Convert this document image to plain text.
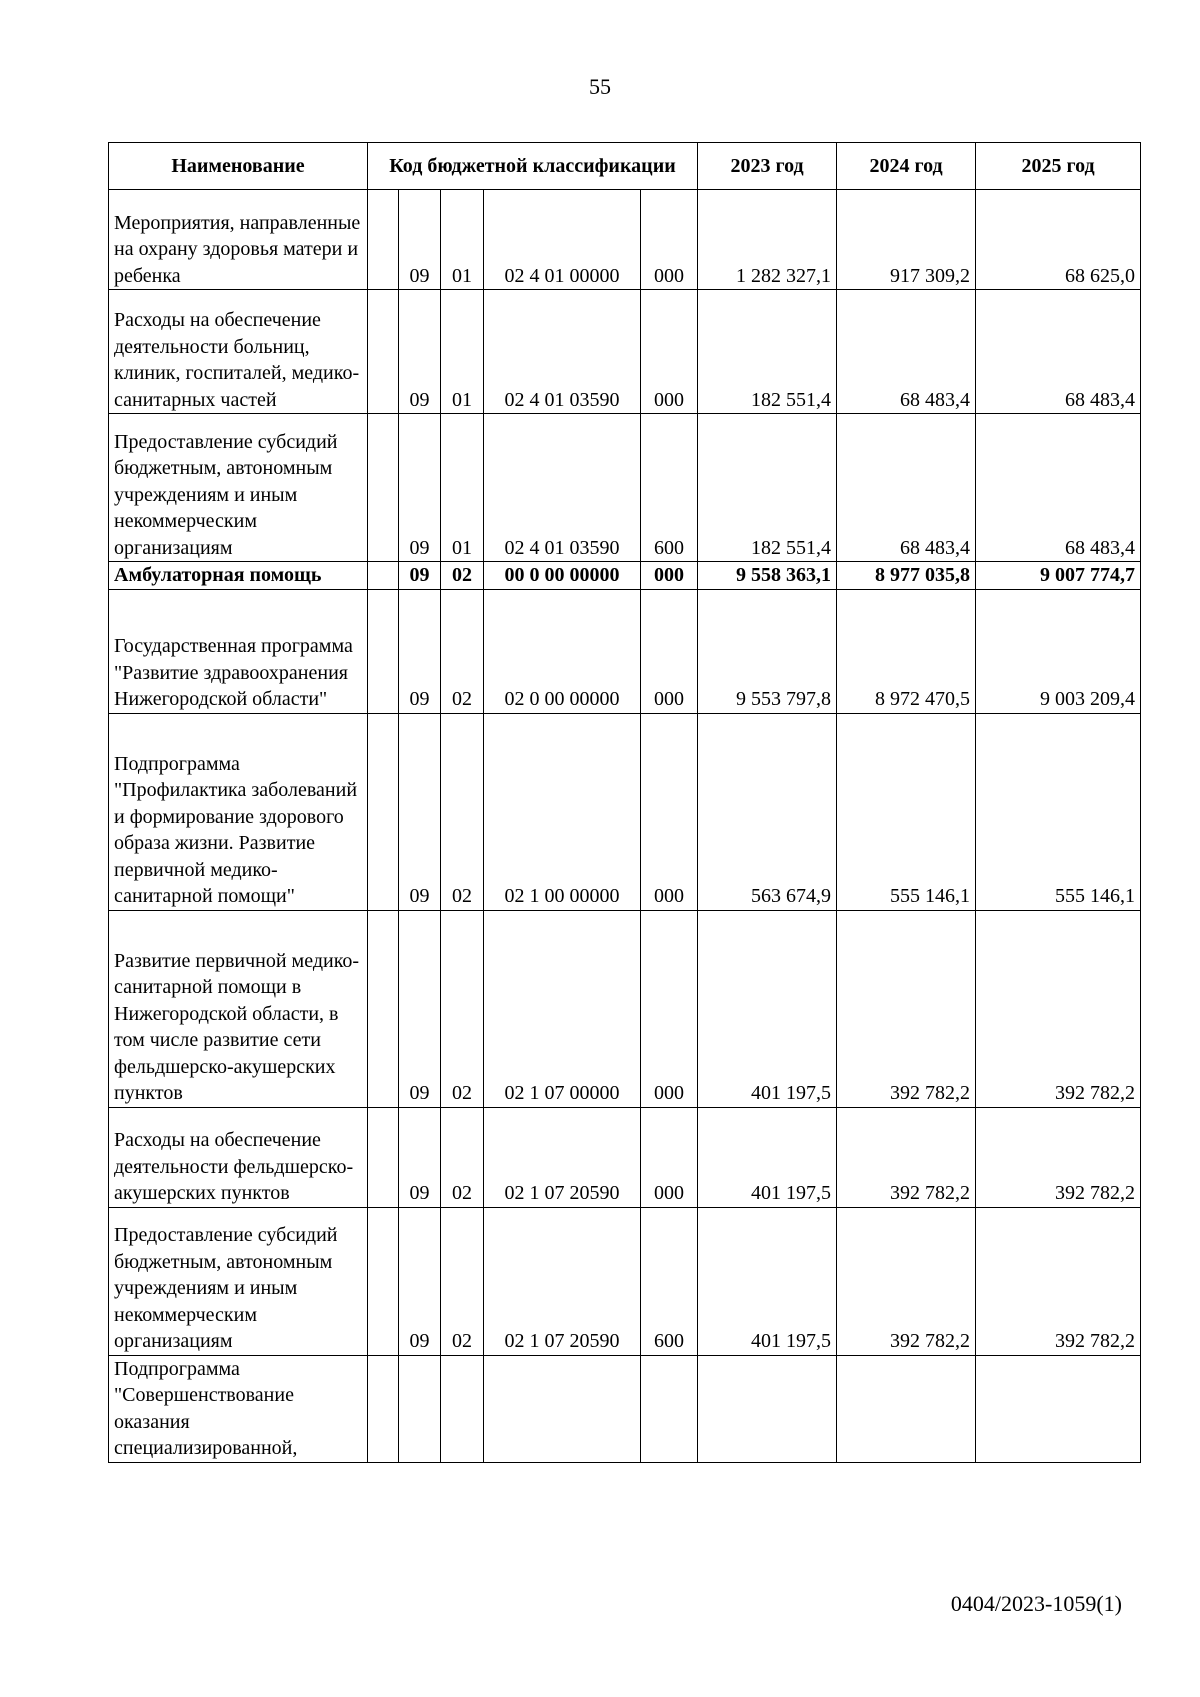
55
Наименование	Код бюджетной классификации					2023 год	2024 год	2025 год
Мероприятия, направленные на охрану здоровья матери и ребенка		09	01	02 4 01 00000	000	1 282 327,1	917 309,2	68 625,0
Расходы на обеспечение деятельности больниц, клиник, госпиталей, медико-санитарных частей		09	01	02 4 01 03590	000	182 551,4	68 483,4	68 483,4
Предоставление субсидий бюджетным, автономным учреждениям и иным некоммерческим организациям		09	01	02 4 01 03590	600	182 551,4	68 483,4	68 483,4
Амбулаторная помощь		09	02	00 0 00 00000	000	9 558 363,1	8 977 035,8	9 007 774,7
Государственная программа "Развитие здравоохранения Нижегородской области"		09	02	02 0 00 00000	000	9 553 797,8	8 972 470,5	9 003 209,4
Подпрограмма "Профилактика заболеваний и формирование здорового образа жизни. Развитие первичной медико-санитарной помощи"		09	02	02 1 00 00000	000	563 674,9	555 146,1	555 146,1
Развитие первичной медико-санитарной помощи в Нижегородской области, в том числе развитие сети фельдшерско-акушерских пунктов		09	02	02 1 07 00000	000	401 197,5	392 782,2	392 782,2
Расходы на обеспечение деятельности фельдшерско-акушерских пунктов		09	02	02 1 07 20590	000	401 197,5	392 782,2	392 782,2
Предоставление субсидий бюджетным, автономным учреждениям и иным некоммерческим организациям		09	02	02 1 07 20590	600	401 197,5	392 782,2	392 782,2
Подпрограмма "Совершенствование оказания специализированной,								
0404/2023-1059(1)
